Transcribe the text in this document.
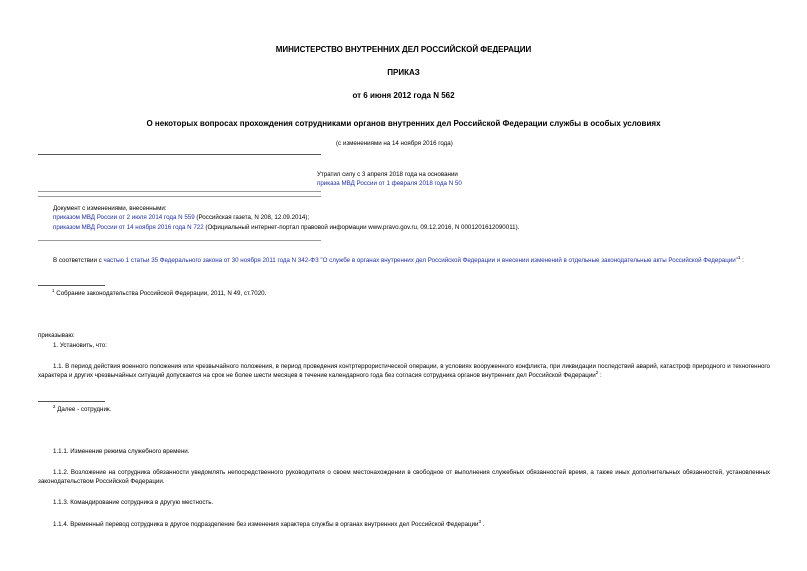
МИНИСТЕРСТВО ВНУТРЕННИХ ДЕЛ РОССИЙСКОЙ ФЕДЕРАЦИИ
ПРИКАЗ
от 6 июня 2012 года N 562
О некоторых вопросах прохождения сотрудниками органов внутренних дел Российской Федерации службы в особых условиях
(с изменениями на 14 ноября 2016 года)
Утратил силу с 3 апреля 2018 года на основании
приказа МВД России от 1 февраля 2018 года N 50
Документ с изменениями, внесенными:
приказом МВД России от 2 июля 2014 года N 559 (Российская газета, N 208, 12.09.2014);
приказом МВД России от 14 ноября 2016 года N 722 (Официальный интернет-портал правовой информации www.pravo.gov.ru, 09.12.2016, N 0001201612090011).
В соответствии с частью 1 статьи 35 Федерального закона от 30 ноября 2011 года N 342-ФЗ "О службе в органах внутренних дел Российской Федерации и внесении изменений в отдельные законодательные акты Российской Федерации"$^1$ :
$^1$ Собрание законодательства Российской Федерации, 2011, N 49, ст.7020.
приказываю:
1. Установить, что:
1.1. В период действия военного положения или чрезвычайного положения, в период проведения контртеррористической операции, в условиях вооруженного конфликта, при ликвидации последствий аварий, катастроф природного и техногенного характера и других чрезвычайных ситуаций допускается на срок не более шести месяцев в течение календарного года без согласия сотрудника органов внутренних дел Российской Федерации$^2$ :
$^2$ Далее - сотрудник.
1.1.1. Изменение режима служебного времени.
1.1.2. Возложение на сотрудника обязанности уведомлять непосредственного руководителя о своем местонахождении в свободное от выполнения служебных обязанностей время, а также иных дополнительных обязанностей, установленных законодательством Российской Федерации.
1.1.3. Командирование сотрудника в другую местность.
1.1.4. Временный перевод сотрудника в другое подразделение без изменения характера службы в органах внутренних дел Российской Федерации$^3$ .
